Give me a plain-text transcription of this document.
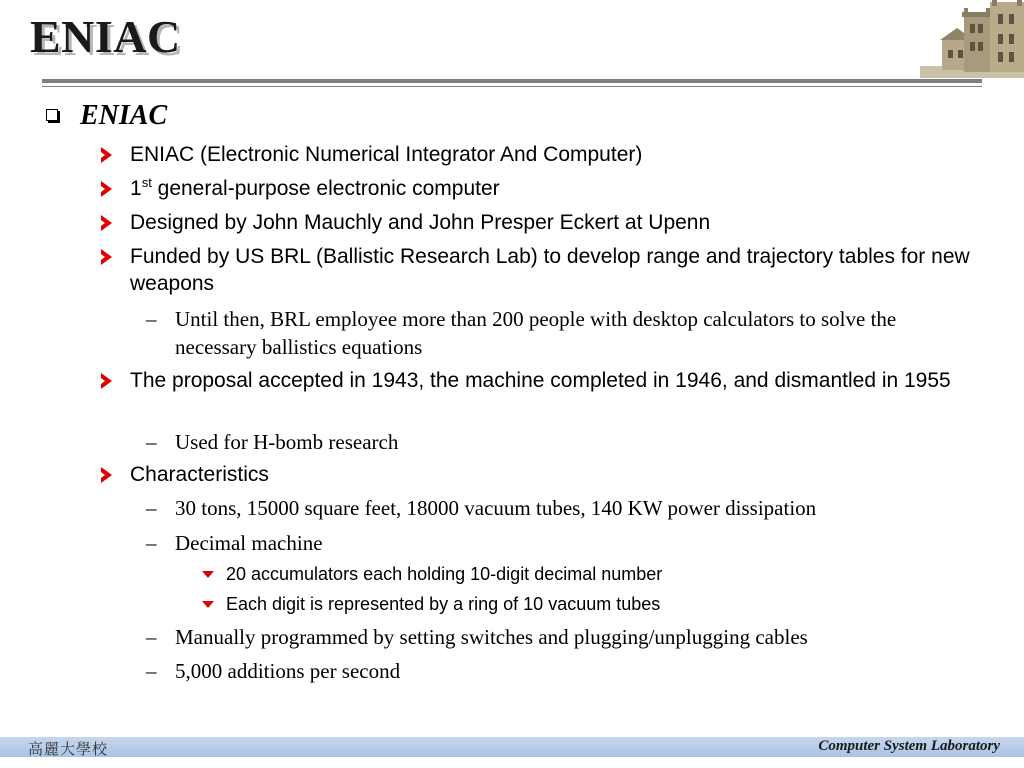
ENIAC
ENIAC
ENIAC (Electronic Numerical Integrator And Computer)
1st general-purpose electronic computer
Designed by John Mauchly and John Presper Eckert at Upenn
Funded by US BRL (Ballistic Research Lab) to develop range and trajectory tables for new weapons
– Until then, BRL employee more than 200 people with desktop calculators to solve the necessary ballistics equations
The proposal accepted in 1943, the machine completed in 1946, and dismantled in 1955
– Used for H-bomb research
Characteristics
– 30 tons, 15000 square feet, 18000 vacuum tubes, 140 KW power dissipation
– Decimal machine
20 accumulators each holding 10-digit decimal number
Each digit is represented by a ring of 10 vacuum tubes
– Manually programmed by setting switches and plugging/unplugging cables
– 5,000 additions per second
高麗大學校	Computer System Laboratory
